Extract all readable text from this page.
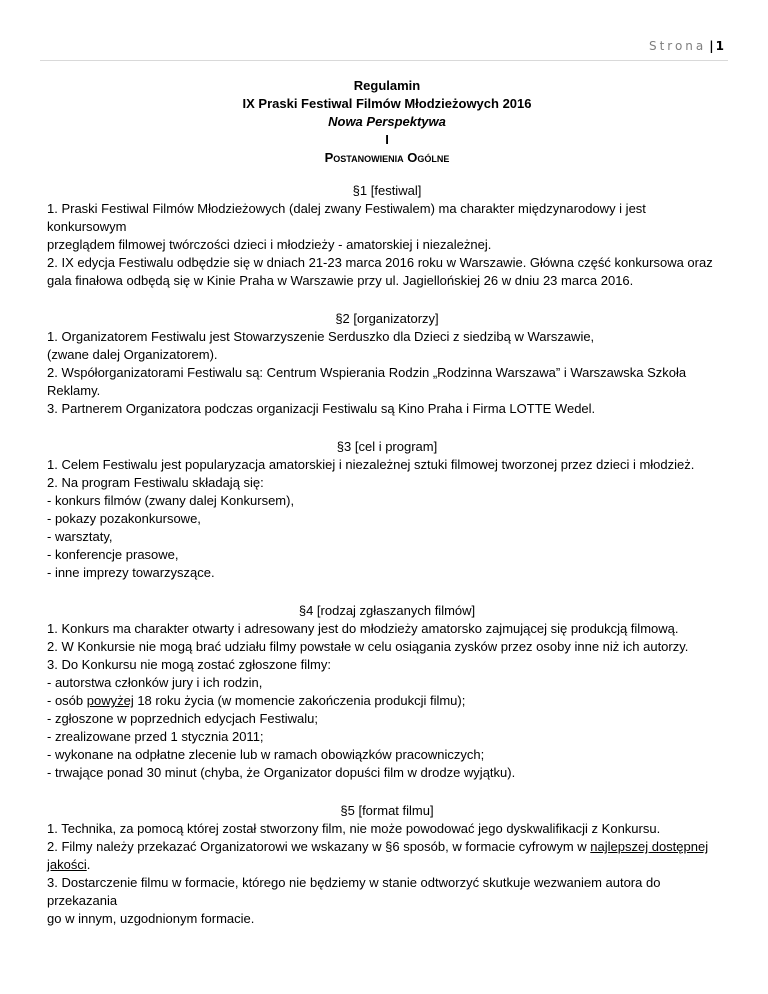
Strona | 1
Regulamin
IX Praski Festiwal Filmów Młodzieżowych 2016
Nowa Perspektywa
I
Postanowienia Ogólne
§1 [festiwal]
1. Praski Festiwal Filmów Młodzieżowych (dalej zwany Festiwalem) ma charakter międzynarodowy i jest konkursowym
przeglądem filmowej twórczości dzieci i młodzieży - amatorskiej i niezależnej.
2. IX edycja Festiwalu odbędzie się w dniach 21-23 marca 2016 roku w Warszawie. Główna część konkursowa oraz
gala finałowa odbędą się w Kinie Praha w Warszawie przy ul. Jagiellońskiej 26 w dniu 23 marca 2016.
§2 [organizatorzy]
1. Organizatorem Festiwalu jest Stowarzyszenie Serduszko dla Dzieci z siedzibą w Warszawie,
(zwane dalej Organizatorem).
2. Współorganizatorami Festiwalu są: Centrum Wspierania Rodzin „Rodzinna Warszawa” i Warszawska Szkoła
Reklamy.
3. Partnerem Organizatora podczas organizacji Festiwalu są Kino Praha i Firma LOTTE Wedel.
§3 [cel i program]
1. Celem Festiwalu jest popularyzacja amatorskiej i niezależnej sztuki filmowej tworzonej przez dzieci i młodzież.
2. Na program Festiwalu składają się:
- konkurs filmów (zwany dalej Konkursem),
- pokazy pozakonkursowe,
- warsztaty,
- konferencje prasowe,
- inne imprezy towarzyszące.
§4 [rodzaj zgłaszanych filmów]
1. Konkurs ma charakter otwarty i adresowany jest do młodzieży amatorsko zajmującej się produkcją filmową.
2. W Konkursie nie mogą brać udziału filmy powstałe w celu osiągania zysków przez osoby inne niż ich autorzy.
3. Do Konkursu nie mogą zostać zgłoszone filmy:
- autorstwa członków jury i ich rodzin,
- osób powyżej 18 roku życia (w momencie zakończenia produkcji filmu);
- zgłoszone w poprzednich edycjach Festiwalu;
- zrealizowane przed 1 stycznia 2011;
- wykonane na odpłatne zlecenie lub w ramach obowiązków pracowniczych;
- trwające ponad 30 minut (chyba, że Organizator dopuści film w drodze wyjątku).
§5 [format filmu]
1. Technika, za pomocą której został stworzony film, nie może powodować jego dyskwalifikacji z Konkursu.
2. Filmy należy przekazać Organizatorowi we wskazany w §6 sposób, w formacie cyfrowym w najlepszej dostępnej
jakości.
3. Dostarczenie filmu w formacie, którego nie będziemy w stanie odtworzyć skutkuje wezwaniem autora do przekazania
go w innym, uzgodnionym formacie.
